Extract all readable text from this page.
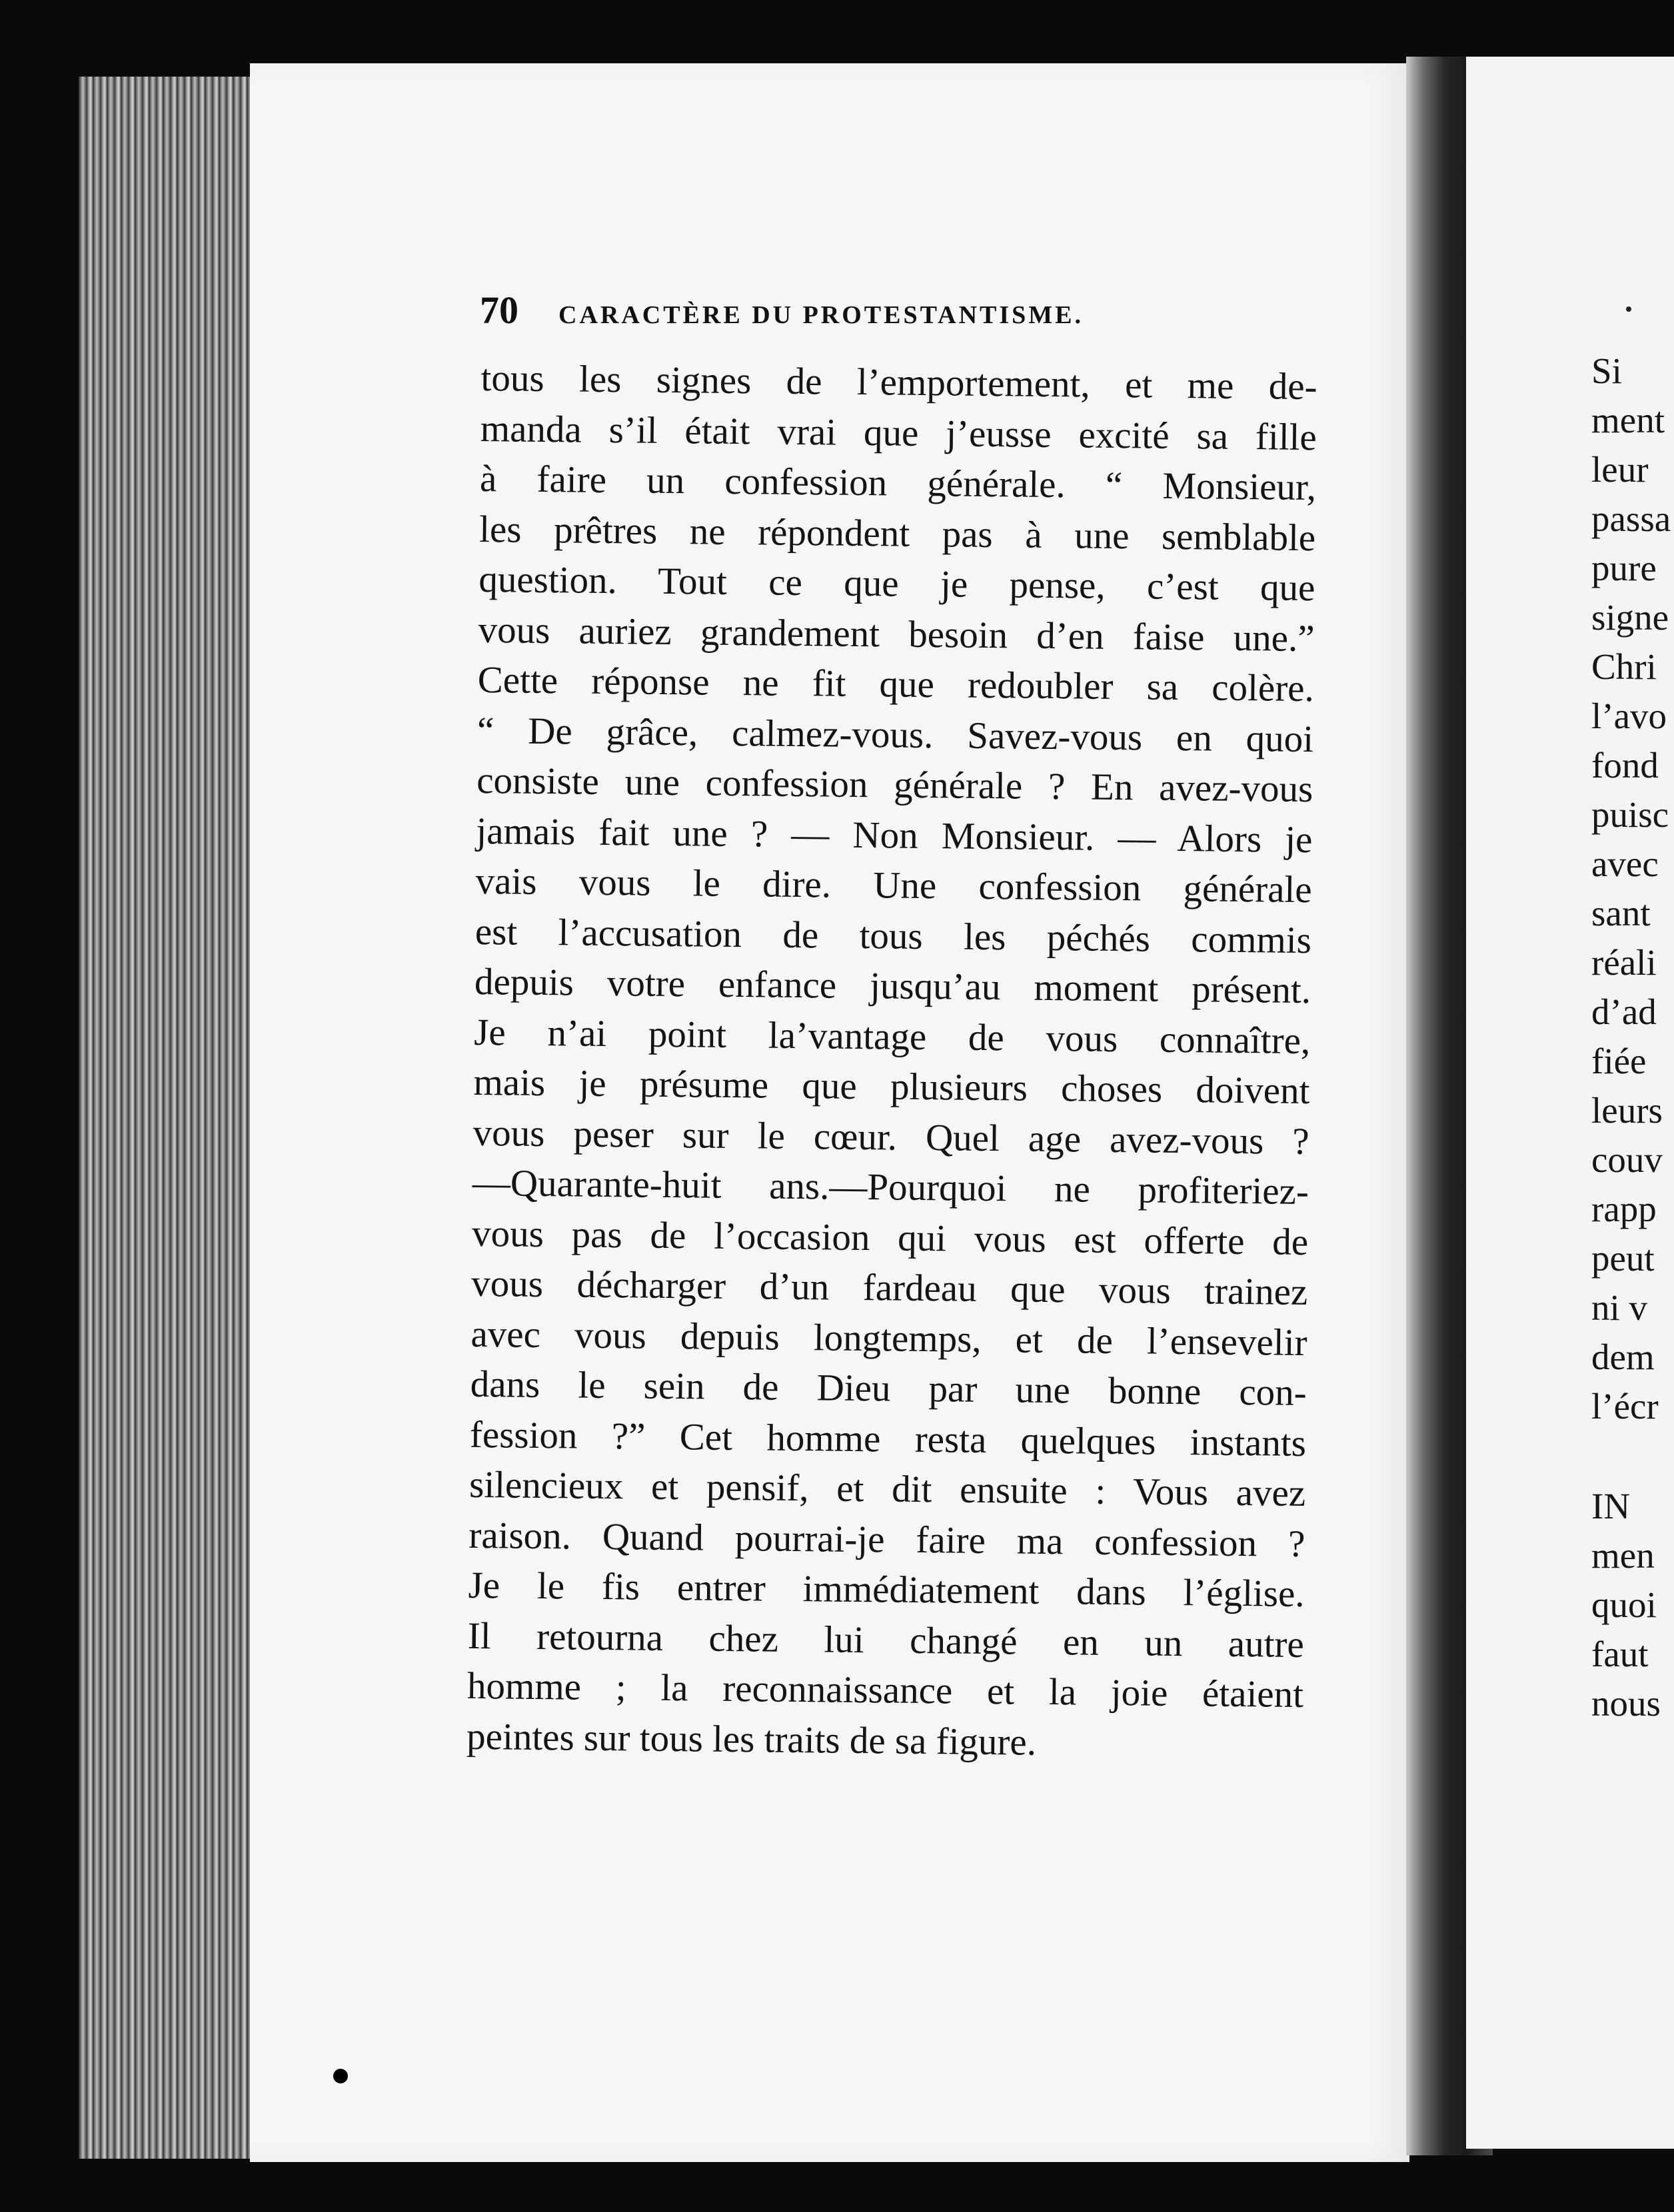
70 CARACTÈRE DU PROTESTANTISME.
tous les signes de l’emportement, et me de-
manda s’il était vrai que j’eusse excité sa fille
à faire un confession générale. “ Monsieur,
les prêtres ne répondent pas à une semblable
question. Tout ce que je pense, c’est que
vous auriez grandement besoin d’en faise une.”
Cette réponse ne fit que redoubler sa colère.
“ De grâce, calmez-vous. Savez-vous en quoi
consiste une confession générale ? En avez-vous
jamais fait une ? — Non Monsieur. — Alors je
vais vous le dire. Une confession générale
est l’accusation de tous les péchés commis
depuis votre enfance jusqu’au moment présent.
Je n’ai point la’vantage de vous connaître,
mais je présume que plusieurs choses doivent
vous peser sur le cœur. Quel age avez-vous ?
—Quarante-huit ans.—Pourquoi ne profiteriez-
vous pas de l’occasion qui vous est offerte de
vous décharger d’un fardeau que vous trainez
avec vous depuis longtemps, et de l’ensevelir
dans le sein de Dieu par une bonne con-
fession ?” Cet homme resta quelques instants
silencieux et pensif, et dit ensuite : Vous avez
raison. Quand pourrai-je faire ma confession ?
Je le fis entrer immédiatement dans l’église.
Il retourna chez lui changé en un autre
homme ; la reconnaissance et la joie étaient
peintes sur tous les traits de sa figure.
Si
ment
leur
passa
pure
signe
Chri
l’avo
fond
puisc
avec
sant
réali
d’ad
fiée
leurs
couv
rapp
peut
ni v
dem
l’écr
IN
men
quoi
faut
nous
